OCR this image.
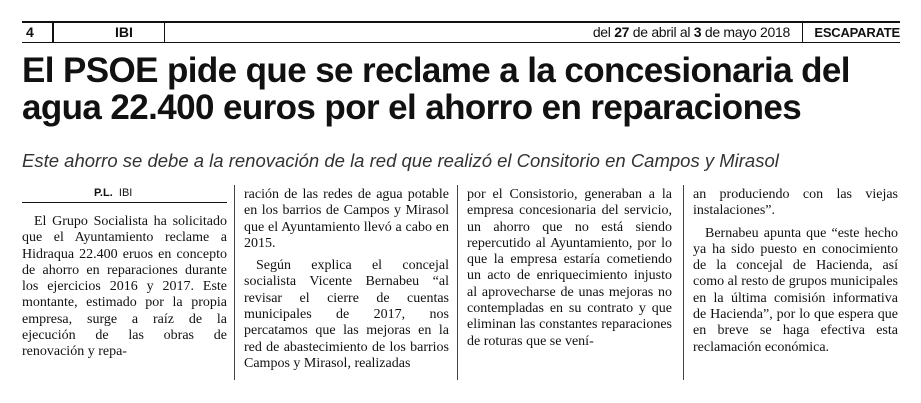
4	IBI	del 27 de abril al 3 de mayo 2018 ESCAPARATE
El PSOE pide que se reclame a la concesionaria del agua 22.400 euros por el ahorro en reparaciones

Este ahorro se debe a la renovación de la red que realizó el Consitorio en Campos y Mirasol

P.L. IBI

El Grupo Socialista ha solicitado que el Ayuntamiento reclame a Hidraqua 22.400 eruos en concepto de ahorro en reparaciones durante los ejercicios 2016 y 2017. Este montante, estimado por la propia empresa, surge a raíz de la ejecución de las obras de renovación y repa-

ración de las redes de agua potable en los barrios de Campos y Mirasol que el Ayuntamiento llevó a cabo en 2015.

Según explica el concejal socialista Vicente Bernabeu “al revisar el cierre de cuentas municipales de 2017, nos percatamos que las mejoras en la red de abastecimiento de los barrios Campos y Mirasol, realizadas

por el Consistorio, generaban a la empresa concesionaria del servicio, un ahorro que no está siendo repercutido al Ayuntamiento, por lo que la empresa estaría cometiendo un acto de enriquecimiento injusto al aprovecharse de unas mejoras no contempladas en su contrato y que eliminan las constantes reparaciones de roturas que se vení-

an produciendo con las viejas instalaciones”.

Bernabeu apunta que “este hecho ya ha sido puesto en conocimiento de la concejal de Hacienda, así como al resto de grupos municipales en la última comisión informativa de Hacienda”, por lo que espera que en breve se haga efectiva esta reclamación económica.
